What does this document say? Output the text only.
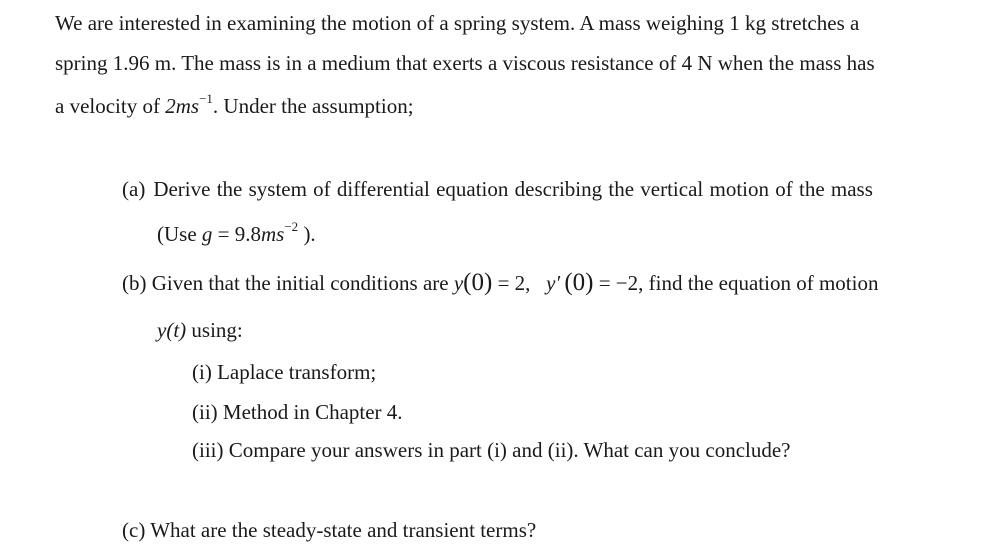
We are interested in examining the motion of a spring system. A mass weighing 1 kg stretches a
spring 1.96 m. The mass is in a medium that exerts a viscous resistance of 4 N when the mass has
a velocity of $2ms^{-1}$. Under the assumption;
(a) Derive the system of differential equation describing the vertical motion of the mass
(Use $g = 9.8ms^{-2}$ ).
(b) Given that the initial conditions are y(0) = 2, y′  (0) = −2, find the equation of motion
y(t) using:
(i) Laplace transform;
(ii) Method in Chapter 4.
(iii) Compare your answers in part (i) and (ii). What can you conclude?
(c) What are the steady-state and transient terms?
